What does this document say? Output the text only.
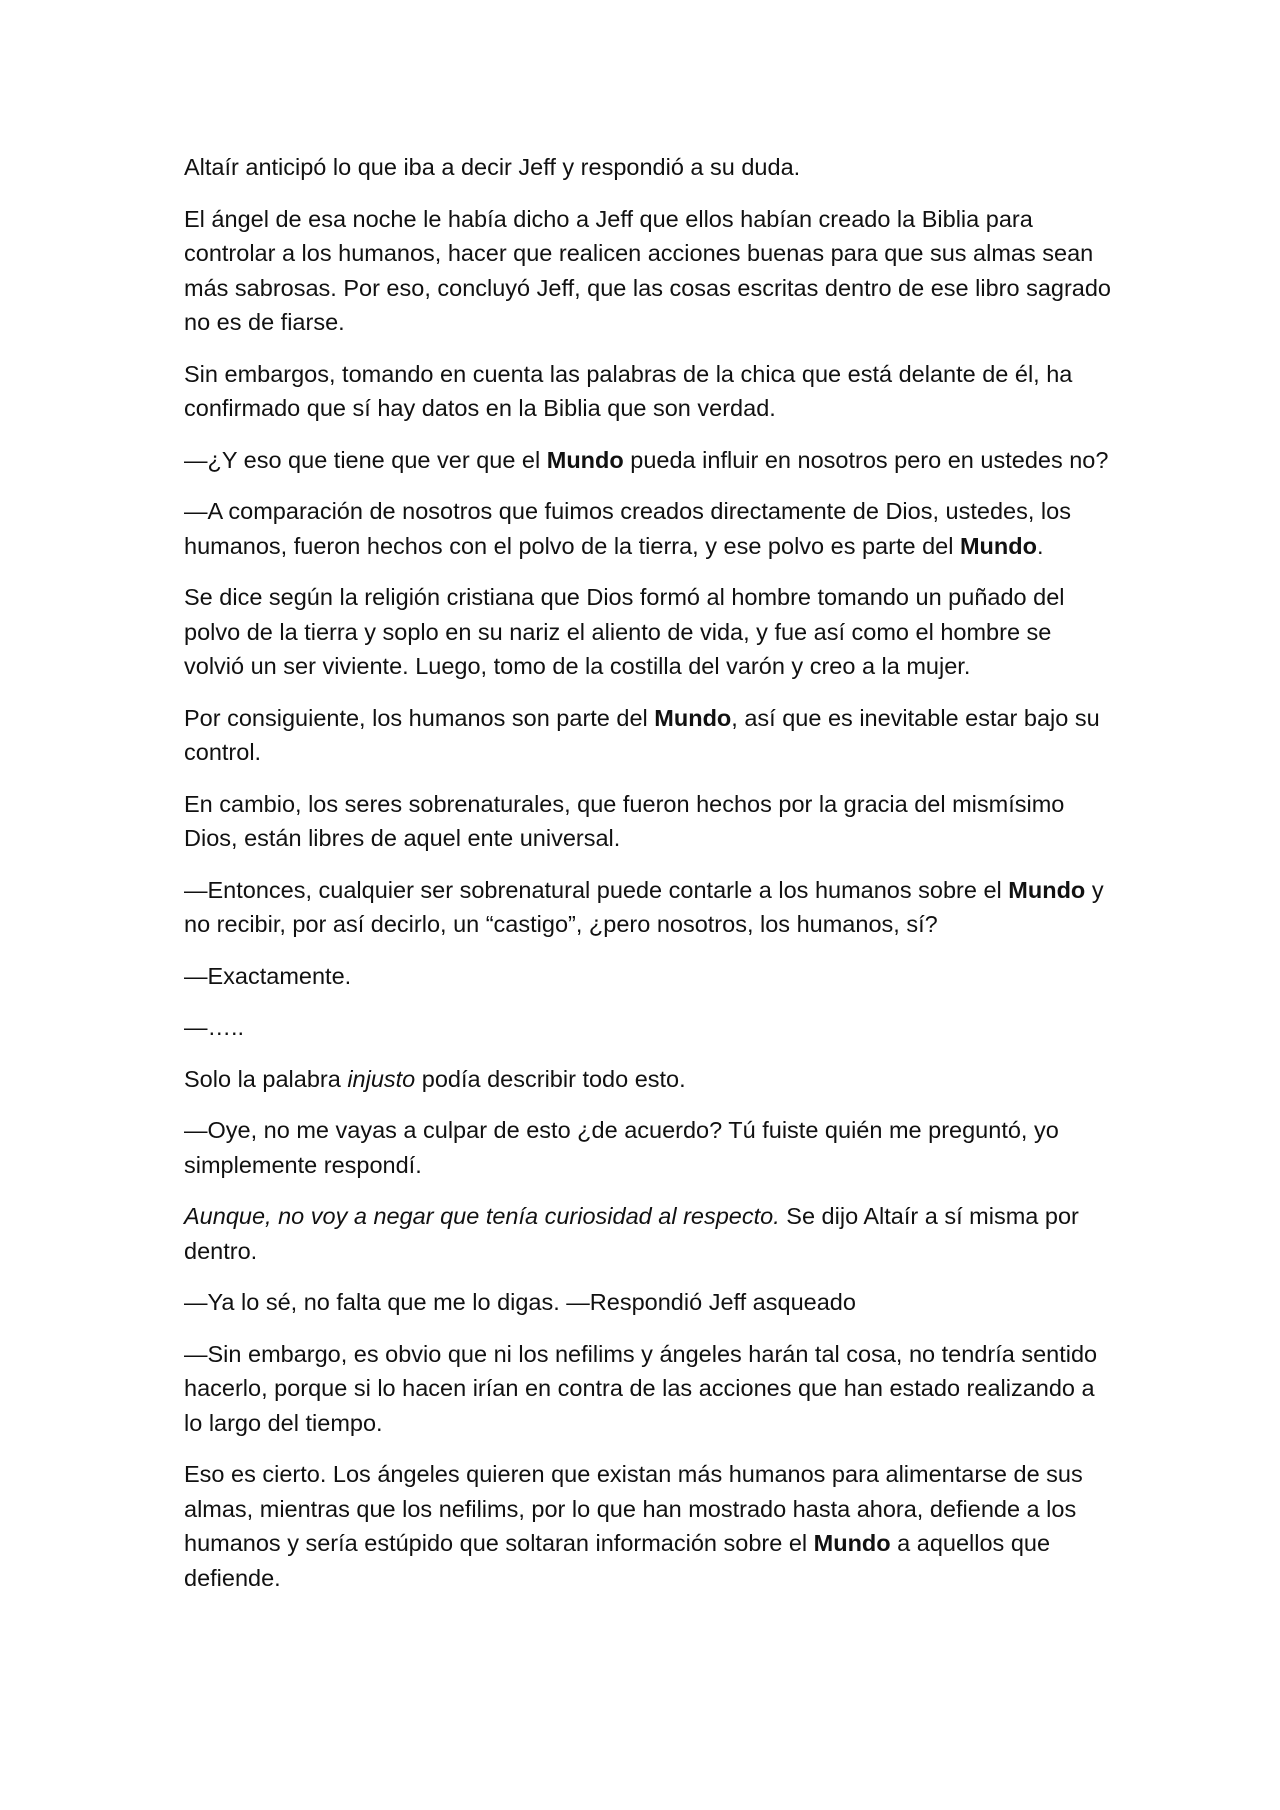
Altaír anticipó lo que iba a decir Jeff y respondió a su duda.

El ángel de esa noche le había dicho a Jeff que ellos habían creado la Biblia para controlar a los humanos, hacer que realicen acciones buenas para que sus almas sean más sabrosas. Por eso, concluyó Jeff, que las cosas escritas dentro de ese libro sagrado no es de fiarse.

Sin embargos, tomando en cuenta las palabras de la chica que está delante de él, ha confirmado que sí hay datos en la Biblia que son verdad.

—¿Y eso que tiene que ver que el Mundo pueda influir en nosotros pero en ustedes no?

—A comparación de nosotros que fuimos creados directamente de Dios, ustedes, los humanos, fueron hechos con el polvo de la tierra, y ese polvo es parte del Mundo.

Se dice según la religión cristiana que Dios formó al hombre tomando un puñado del polvo de la tierra y soplo en su nariz el aliento de vida, y fue así como el hombre se volvió un ser viviente. Luego, tomo de la costilla del varón y creo a la mujer.

Por consiguiente, los humanos son parte del Mundo, así que es inevitable estar bajo su control.

En cambio, los seres sobrenaturales, que fueron hechos por la gracia del mismísimo Dios, están libres de aquel ente universal.

—Entonces, cualquier ser sobrenatural puede contarle a los humanos sobre el Mundo y no recibir, por así decirlo, un “castigo”, ¿pero nosotros, los humanos, sí?

—Exactamente.

—…..

Solo la palabra injusto podía describir todo esto.

—Oye, no me vayas a culpar de esto ¿de acuerdo? Tú fuiste quién me preguntó, yo simplemente respondí.

Aunque, no voy a negar que tenía curiosidad al respecto. Se dijo Altaír a sí misma por dentro.

—Ya lo sé, no falta que me lo digas. —Respondió Jeff asqueado

—Sin embargo, es obvio que ni los nefilims y ángeles harán tal cosa, no tendría sentido hacerlo, porque si lo hacen irían en contra de las acciones que han estado realizando a lo largo del tiempo.

Eso es cierto. Los ángeles quieren que existan más humanos para alimentarse de sus almas, mientras que los nefilims, por lo que han mostrado hasta ahora, defiende a los humanos y sería estúpido que soltaran información sobre el Mundo a aquellos que defiende.
